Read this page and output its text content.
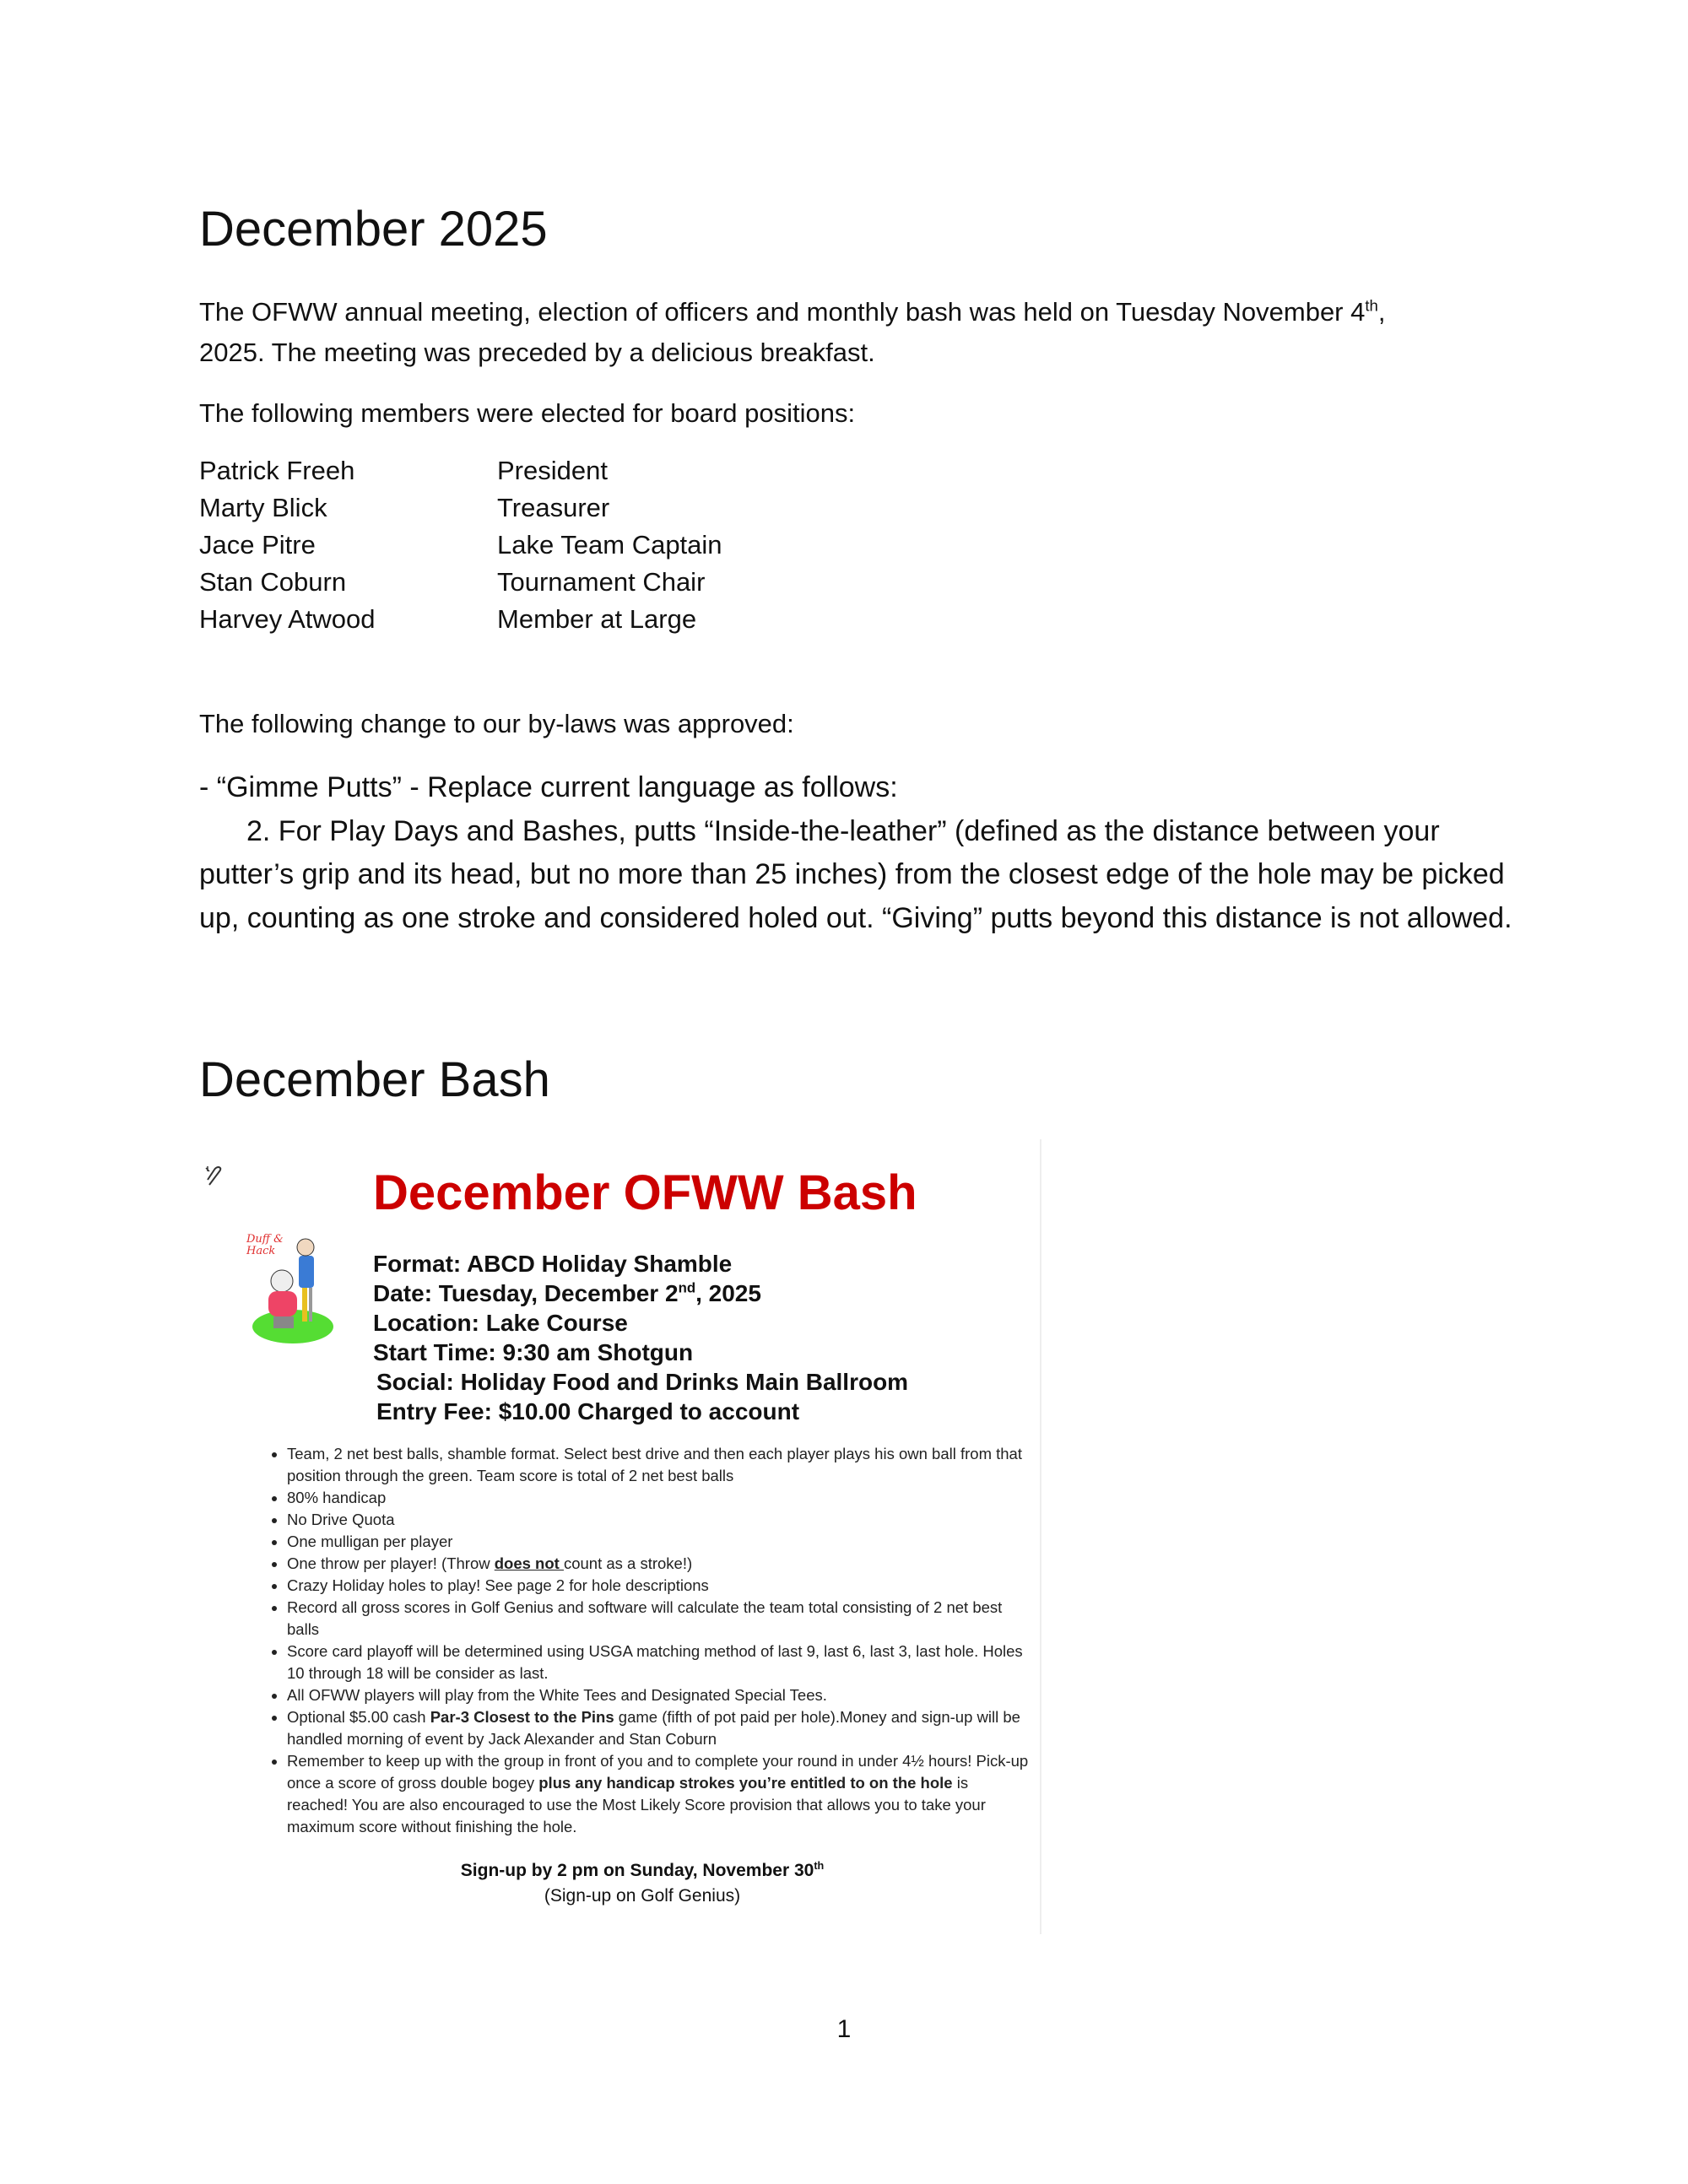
December 2025
The OFWW annual meeting, election of officers and monthly bash was held on Tuesday November 4th,
2025. The meeting was preceded by a delicious breakfast.
The following members were elected for board positions:
Patrick Freeh	President
Marty Blick	Treasurer
Jace Pitre	Lake Team Captain
Stan Coburn	Tournament Chair
Harvey Atwood	Member at Large
The following change to our by-laws was approved:
- “Gimme Putts” - Replace current language as follows:
2. For Play Days and Bashes, putts “Inside-the-leather” (defined as the distance between your putter’s grip and its head, but no more than 25 inches) from the closest edge of the hole may be picked up, counting as one stroke and considered holed out. “Giving” putts beyond this distance is not allowed.
December Bash
December OFWW Bash
Duff & Hack	Format: ABCD Holiday Shamble
Date: Tuesday, December 2nd, 2025
Location: Lake Course
Start Time: 9:30 am Shotgun
Social: Holiday Food and Drinks Main Ballroom
Entry Fee: $10.00 Charged to account
• Team, 2 net best balls, shamble format. Select best drive and then each player plays his own ball from that position through the green. Team score is total of 2 net best balls
• 80% handicap
• No Drive Quota
• One mulligan per player
• One throw per player! (Throw does not count as a stroke!)
• Crazy Holiday holes to play! See page 2 for hole descriptions
• Record all gross scores in Golf Genius and software will calculate the team total consisting of 2 net best balls
• Score card playoff will be determined using USGA matching method of last 9, last 6, last 3, last hole. Holes 10 through 18 will be consider as last.
• All OFWW players will play from the White Tees and Designated Special Tees.
• Optional $5.00 cash Par-3 Closest to the Pins game (fifth of pot paid per hole).Money and sign-up will be handled morning of event by Jack Alexander and Stan Coburn
• Remember to keep up with the group in front of you and to complete your round in under 4½ hours! Pick-up once a score of gross double bogey plus any handicap strokes you’re entitled to on the hole is reached! You are also encouraged to use the Most Likely Score provision that allows you to take your maximum score without finishing the hole.
Sign-up by 2 pm on Sunday, November 30th
(Sign-up on Golf Genius)
1
